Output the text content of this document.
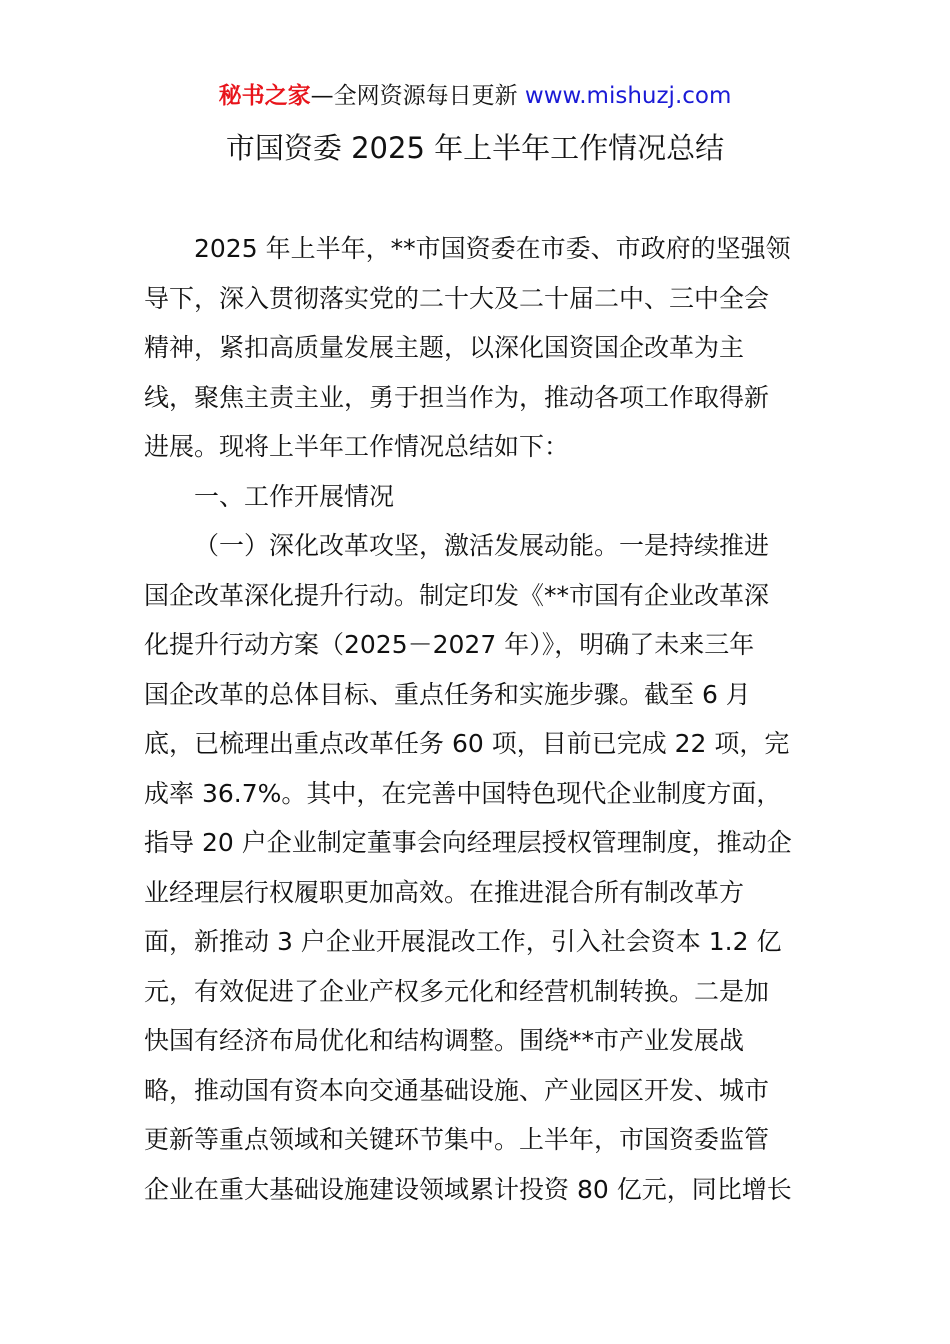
秘书之家—全网资源每日更新 www.mishuzj.com
市国资委 2025 年上半年工作情况总结
2025 年上半年，**市国资委在市委、市政府的坚强领
导下，深入贯彻落实党的二十大及二十届二中、三中全会
精神，紧扣高质量发展主题，以深化国资国企改革为主
线，聚焦主责主业，勇于担当作为，推动各项工作取得新
进展。现将上半年工作情况总结如下：
一、工作开展情况
（一）深化改革攻坚，激活发展动能。一是持续推进
国企改革深化提升行动。制定印发《**市国有企业改革深
化提升行动方案（2025－2027 年）》，明确了未来三年
国企改革的总体目标、重点任务和实施步骤。截至 6 月
底，已梳理出重点改革任务 60 项，目前已完成 22 项，完
成率 36.7%。其中，在完善中国特色现代企业制度方面，
指导 20 户企业制定董事会向经理层授权管理制度，推动企
业经理层行权履职更加高效。在推进混合所有制改革方
面，新推动 3 户企业开展混改工作，引入社会资本 1.2 亿
元，有效促进了企业产权多元化和经营机制转换。二是加
快国有经济布局优化和结构调整。围绕**市产业发展战
略，推动国有资本向交通基础设施、产业园区开发、城市
更新等重点领域和关键环节集中。上半年，市国资委监管
企业在重大基础设施建设领域累计投资 80 亿元，同比增长
